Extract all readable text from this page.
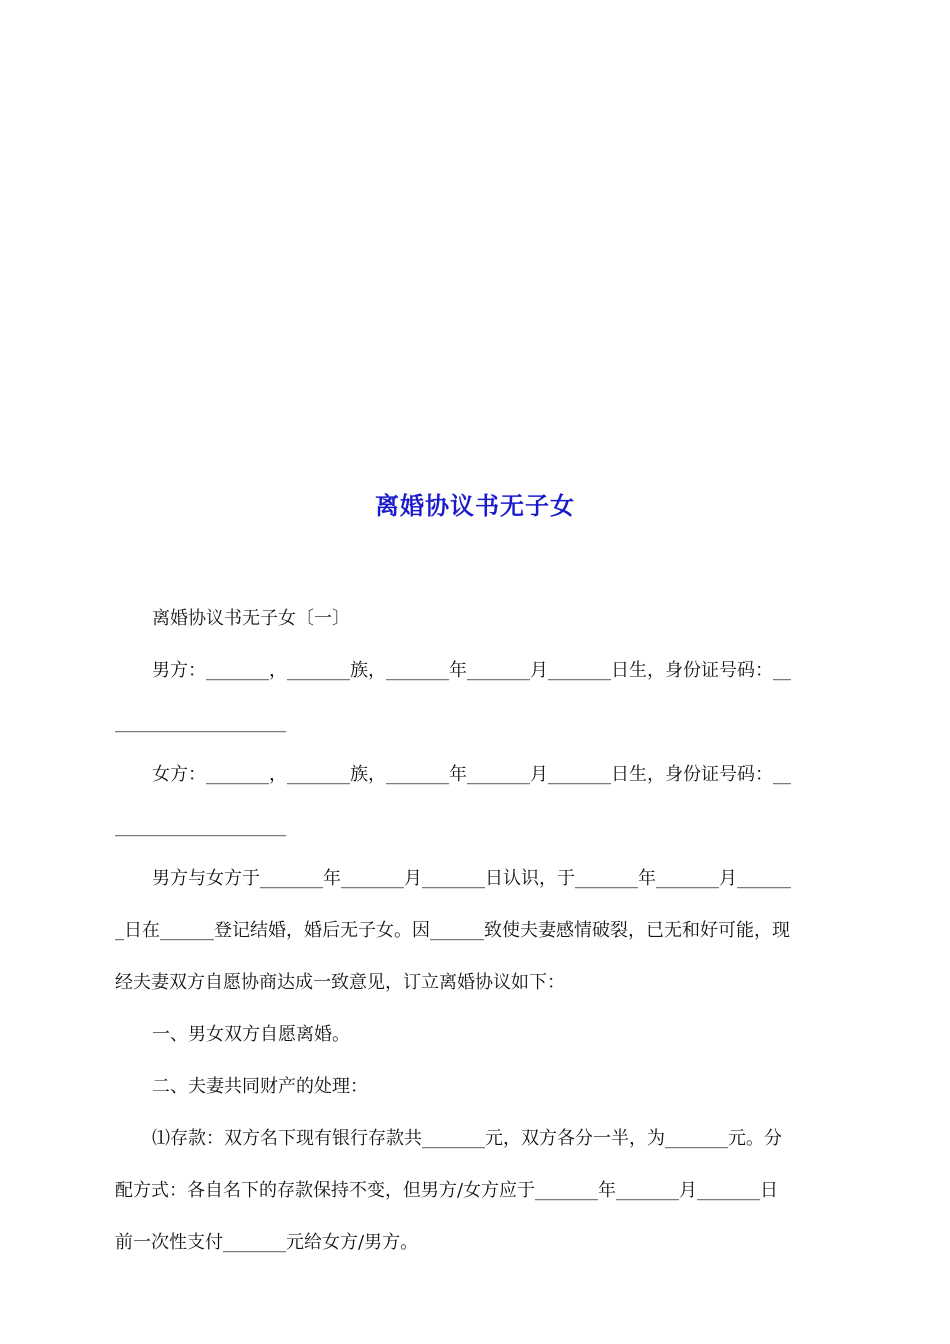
离婚协议书无子女

离婚协议书无子女〔一〕

男方：_______，_______族，_______年_______月_______日生，身份证号码：__
___________________
女方：_______，_______族，_______年_______月_______日生，身份证号码：__
___________________
男方与女方于_______年_______月_______日认识，于_______年_______月______
_日在______登记结婚，婚后无子女。因______致使夫妻感情破裂，已无和好可能，现
经夫妻双方自愿协商达成一致意见，订立离婚协议如下：

一、男女双方自愿离婚。

二、夫妻共同财产的处理：

⑴存款：双方名下现有银行存款共_______元，双方各分一半，为_______元。分
配方式：各自名下的存款保持不变，但男方/女方应于_______年_______月_______日
前一次性支付_______元给女方/男方。
